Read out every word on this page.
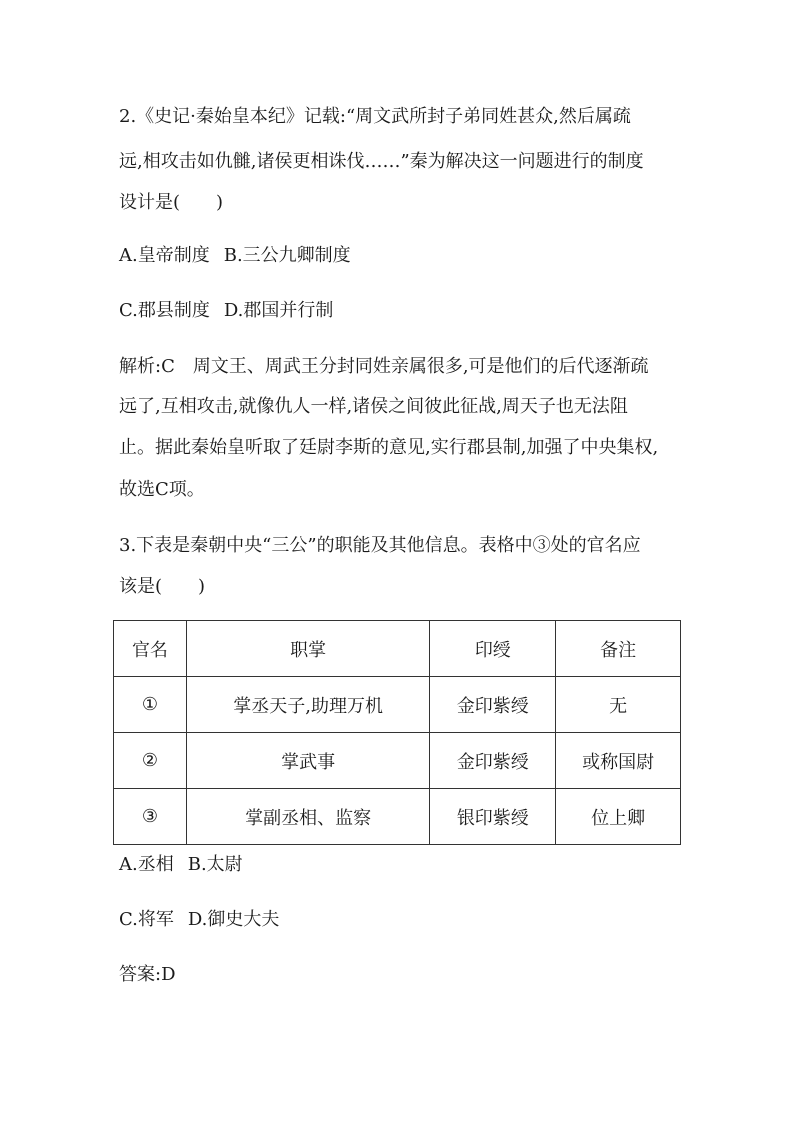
2.《史记·秦始皇本纪》记载:“周文武所封子弟同姓甚众,然后属疏
远,相攻击如仇雠,诸侯更相诛伐……”秦为解决这一问题进行的制度
设计是(　　)
A.皇帝制度 B.三公九卿制度
C.郡县制度 D.郡国并行制
解析:C　周文王、周武王分封同姓亲属很多,可是他们的后代逐渐疏
远了,互相攻击,就像仇人一样,诸侯之间彼此征战,周天子也无法阻
止。据此秦始皇听取了廷尉李斯的意见,实行郡县制,加强了中央集权,
故选C项。
3.下表是秦朝中央“三公”的职能及其他信息。表格中③处的官名应
该是(　　)
官名	职掌	印绶	备注
①	掌丞天子,助理万机	金印紫绶	无
②	掌武事	金印紫绶	或称国尉
③	掌副丞相、监察	银印紫绶	位上卿
A.丞相 B.太尉
C.将军 D.御史大夫
答案:D
